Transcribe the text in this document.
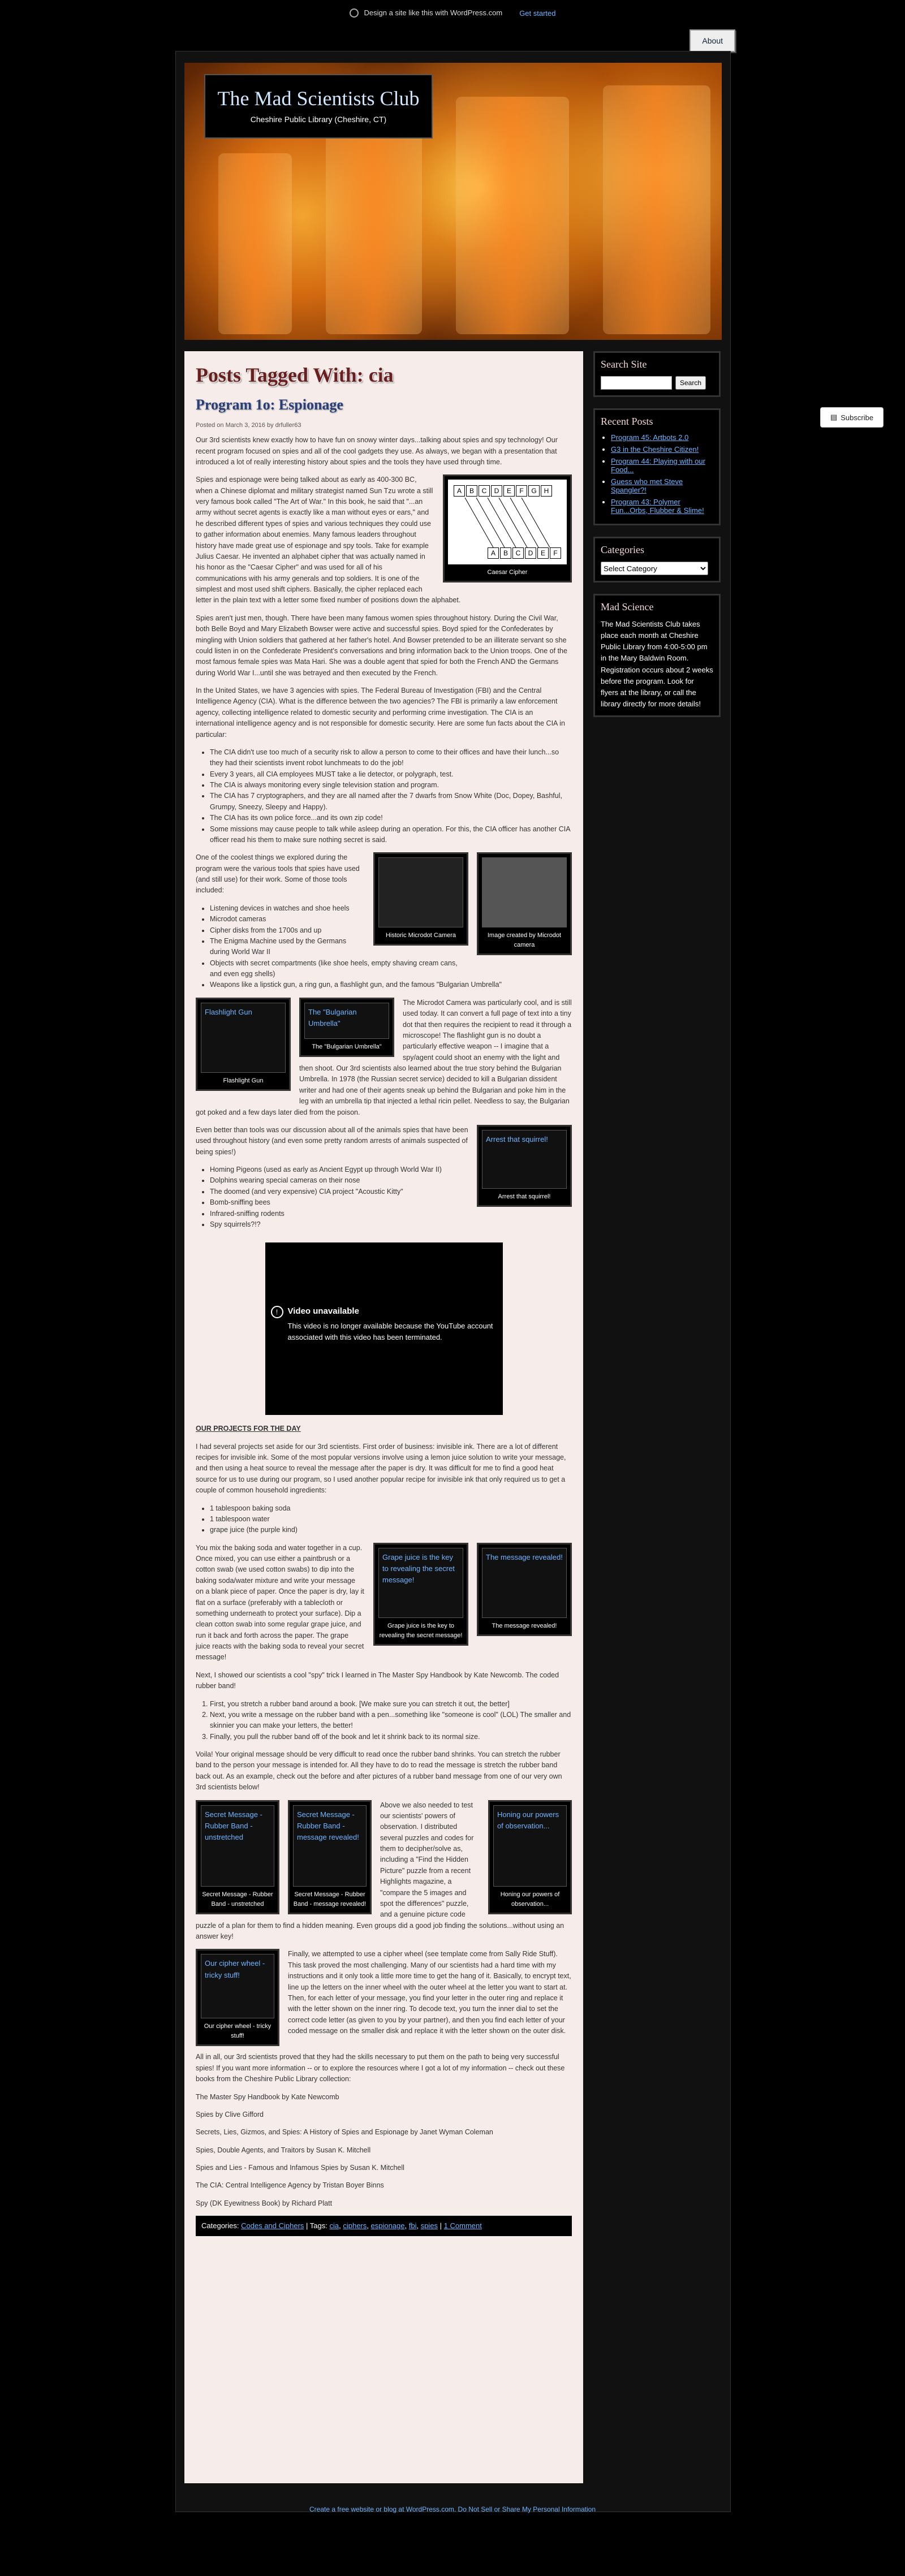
Design a site like this with WordPress.com Get started
About
The Mad Scientists Club

Cheshire Public Library (Cheshire, CT)

Posts Tagged With: cia
Program 1o: Espionage
Posted on March 3, 2016 by drfuller63

Our 3rd scientists knew exactly how to have fun on snowy winter days...talking about spies and spy technology! Our recent program focused on spies and all of the cool gadgets they use. As always, we began with a presentation that introduced a lot of really interesting history about spies and the tools they have used through time.

A	B	C	D	E	F	G	H
A	B	C	D	E	F
Caesar Cipher

Spies and espionage were being talked about as early as 400-300 BC, when a Chinese diplomat and military strategist named Sun Tzu wrote a still very famous book called "The Art of War." In this book, he said that "...an army without secret agents is exactly like a man without eyes or ears," and he described different types of spies and various techniques they could use to gather information about enemies. Many famous leaders throughout history have made great use of espionage and spy tools. Take for example Julius Caesar. He invented an alphabet cipher that was actually named in his honor as the "Caesar Cipher" and was used for all of his communications with his army generals and top soldiers. It is one of the simplest and most used shift ciphers. Basically, the cipher replaced each letter in the plain text with a letter some fixed number of positions down the alphabet.

Spies aren't just men, though. There have been many famous women spies throughout history. During the Civil War, both Belle Boyd and Mary Elizabeth Bowser were active and successful spies. Boyd spied for the Confederates by mingling with Union soldiers that gathered at her father's hotel. And Bowser pretended to be an illiterate servant so she could listen in on the Confederate President's conversations and bring information back to the Union troops. One of the most famous female spies was Mata Hari. She was a double agent that spied for both the French AND the Germans during World War I...until she was betrayed and then executed by the French.

In the United States, we have 3 agencies with spies. The Federal Bureau of Investigation (FBI) and the Central Intelligence Agency (CIA). What is the difference between the two agencies? The FBI is primarily a law enforcement agency, collecting intelligence related to domestic security and performing crime investigation. The CIA is an international intelligence agency and is not responsible for domestic security. Here are some fun facts about the CIA in particular:

• The CIA didn't use too much of a security risk to allow a person to come to their offices and have their lunch...so they had their scientists invent robot lunchmeats to do the job!
• Every 3 years, all CIA employees MUST take a lie detector, or polygraph, test.
• The CIA is always monitoring every single television station and program.
• The CIA has 7 cryptographers, and they are all named after the 7 dwarfs from Snow White (Doc, Dopey, Bashful, Grumpy, Sneezy, Sleepy and Happy).
• The CIA has its own police force...and its own zip code!
• Some missions may cause people to talk while asleep during an operation. For this, the CIA officer has another CIA officer read his them to make sure nothing secret is said.
Image created by Microdot camera
Historic Microdot Camera

One of the coolest things we explored during the program were the various tools that spies have used (and still use) for their work. Some of those tools included:

• Listening devices in watches and shoe heels
• Microdot cameras
• Cipher disks from the 1700s and up
• The Enigma Machine used by the Germans during World War II
• Objects with secret compartments (like shoe heels, empty shaving cream cans, and even egg shells)
• Weapons like a lipstick gun, a ring gun, a flashlight gun, and the famous "Bulgarian Umbrella"
Flashlight Gun
Flashlight Gun
The "Bulgarian Umbrella"
The "Bulgarian Umbrella"

The Microdot Camera was particularly cool, and is still used today. It can convert a full page of text into a tiny dot that then requires the recipient to read it through a microscope! The flashlight gun is no doubt a particularly effective weapon -- I imagine that a spy/agent could shoot an enemy with the light and then shoot. Our 3rd scientists also learned about the true story behind the Bulgarian Umbrella. In 1978 (the Russian secret service) decided to kill a Bulgarian dissident writer and had one of their agents sneak up behind the Bulgarian and poke him in the leg with an umbrella tip that injected a lethal ricin pellet. Needless to say, the Bulgarian got poked and a few days later died from the poison.

Arrest that squirrel!
Arrest that squirrel!

Even better than tools was our discussion about all of the animals spies that have been used throughout history (and even some pretty random arrests of animals suspected of being spies!)

• Homing Pigeons (used as early as Ancient Egypt up through World War II)
• Dolphins wearing special cameras on their nose
• The doomed (and very expensive) CIA project "Acoustic Kitty"
• Bomb-sniffing bees
• Infrared-sniffing rodents
• Spy squirrels?!?
!	Video unavailable
This video is no longer available because the YouTube account associated with this video has been terminated.

OUR PROJECTS FOR THE DAY

I had several projects set aside for our 3rd scientists. First order of business: invisible ink. There are a lot of different recipes for invisible ink. Some of the most popular versions involve using a lemon juice solution to write your message, and then using a heat source to reveal the message after the paper is dry. It was difficult for me to find a good heat source for us to use during our program, so I used another popular recipe for invisible ink that only required us to get a couple of common household ingredients:

• 1 tablespoon baking soda
• 1 tablespoon water
• grape juice (the purple kind)
The message revealed!
The message revealed!
Grape juice is the key to revealing the secret message!
Grape juice is the key to revealing the secret message!

You mix the baking soda and water together in a cup. Once mixed, you can use either a paintbrush or a cotton swab (we used cotton swabs) to dip into the baking soda/water mixture and write your message on a blank piece of paper. Once the paper is dry, lay it flat on a surface (preferably with a tablecloth or something underneath to protect your surface). Dip a clean cotton swab into some regular grape juice, and run it back and forth across the paper. The grape juice reacts with the baking soda to reveal your secret message!

Next, I showed our scientists a cool "spy" trick I learned in The Master Spy Handbook by Kate Newcomb. The coded rubber band!

1. First, you stretch a rubber band around a book. [We make sure you can stretch it out, the better]
2. Next, you write a message on the rubber band with a pen...something like "someone is cool" (LOL) The smaller and skinnier you can make your letters, the better!
3. Finally, you pull the rubber band off of the book and let it shrink back to its normal size.

Voila! Your original message should be very difficult to read once the rubber band shrinks. You can stretch the rubber band to the person your message is intended for. All they have to do to read the message is stretch the rubber band back out. As an example, check out the before and after pictures of a rubber band message from one of our very own 3rd scientists below!

Secret Message - Rubber Band - unstretched
Secret Message - Rubber Band - unstretched
Secret Message - Rubber Band - message revealed!
Secret Message - Rubber Band - message revealed!
Honing our powers of observation...
Honing our powers of observation...

Above we also needed to test our scientists' powers of observation. I distributed several puzzles and codes for them to decipher/solve as, including a "Find the Hidden Picture" puzzle from a recent Highlights magazine, a "compare the 5 images and spot the differences" puzzle, and a genuine picture code puzzle of a plan for them to find a hidden meaning. Even groups did a good job finding the solutions...without using an answer key!

Our cipher wheel - tricky stuff!
Our cipher wheel - tricky stuff!

Finally, we attempted to use a cipher wheel (see template come from Sally Ride Stuff). This task proved the most challenging. Many of our scientists had a hard time with my instructions and it only took a little more time to get the hang of it. Basically, to encrypt text, line up the letters on the inner wheel with the outer wheel at the letter you want to start at. Then, for each letter of your message, you find your letter in the outer ring and replace it with the letter shown on the inner ring. To decode text, you turn the inner dial to set the correct code letter (as given to you by your partner), and then you find each letter of your coded message on the smaller disk and replace it with the letter shown on the outer disk.

All in all, our 3rd scientists proved that they had the skills necessary to put them on the path to being very successful spies! If you want more information -- or to explore the resources where I got a lot of my information -- check out these books from the Cheshire Public Library collection:

The Master Spy Handbook by Kate Newcomb

Spies by Clive Gifford

Secrets, Lies, Gizmos, and Spies: A History of Spies and Espionage by Janet Wyman Coleman

Spies, Double Agents, and Traitors by Susan K. Mitchell

Spies and Lies - Famous and Infamous Spies by Susan K. Mitchell

The CIA: Central Intelligence Agency by Tristan Boyer Binns

Spy (DK Eyewitness Book) by Richard Platt

Categories: Codes and Ciphers | Tags: cia, ciphers, espionage, fbi, spies | 1 Comment
Search Site
Search
Recent Posts
• Program 45: Artbots 2.0
• G3 in the Cheshire Citizen!
• Program 44: Playing with our Food...
• Guess who met Steve Spangler?!
• Program 43: Polymer Fun...Orbs, Flubber & Slime!
Categories
Select Category
Mad Science
The Mad Scientists Club takes place each month at Cheshire Public Library from 4:00-5:00 pm in the Mary Baldwin Room. Registration occurs about 2 weeks before the program. Look for flyers at the library, or call the library directly for more details!
▤ Subscribe
Create a free website or blog at WordPress.com. Do Not Sell or Share My Personal Information
